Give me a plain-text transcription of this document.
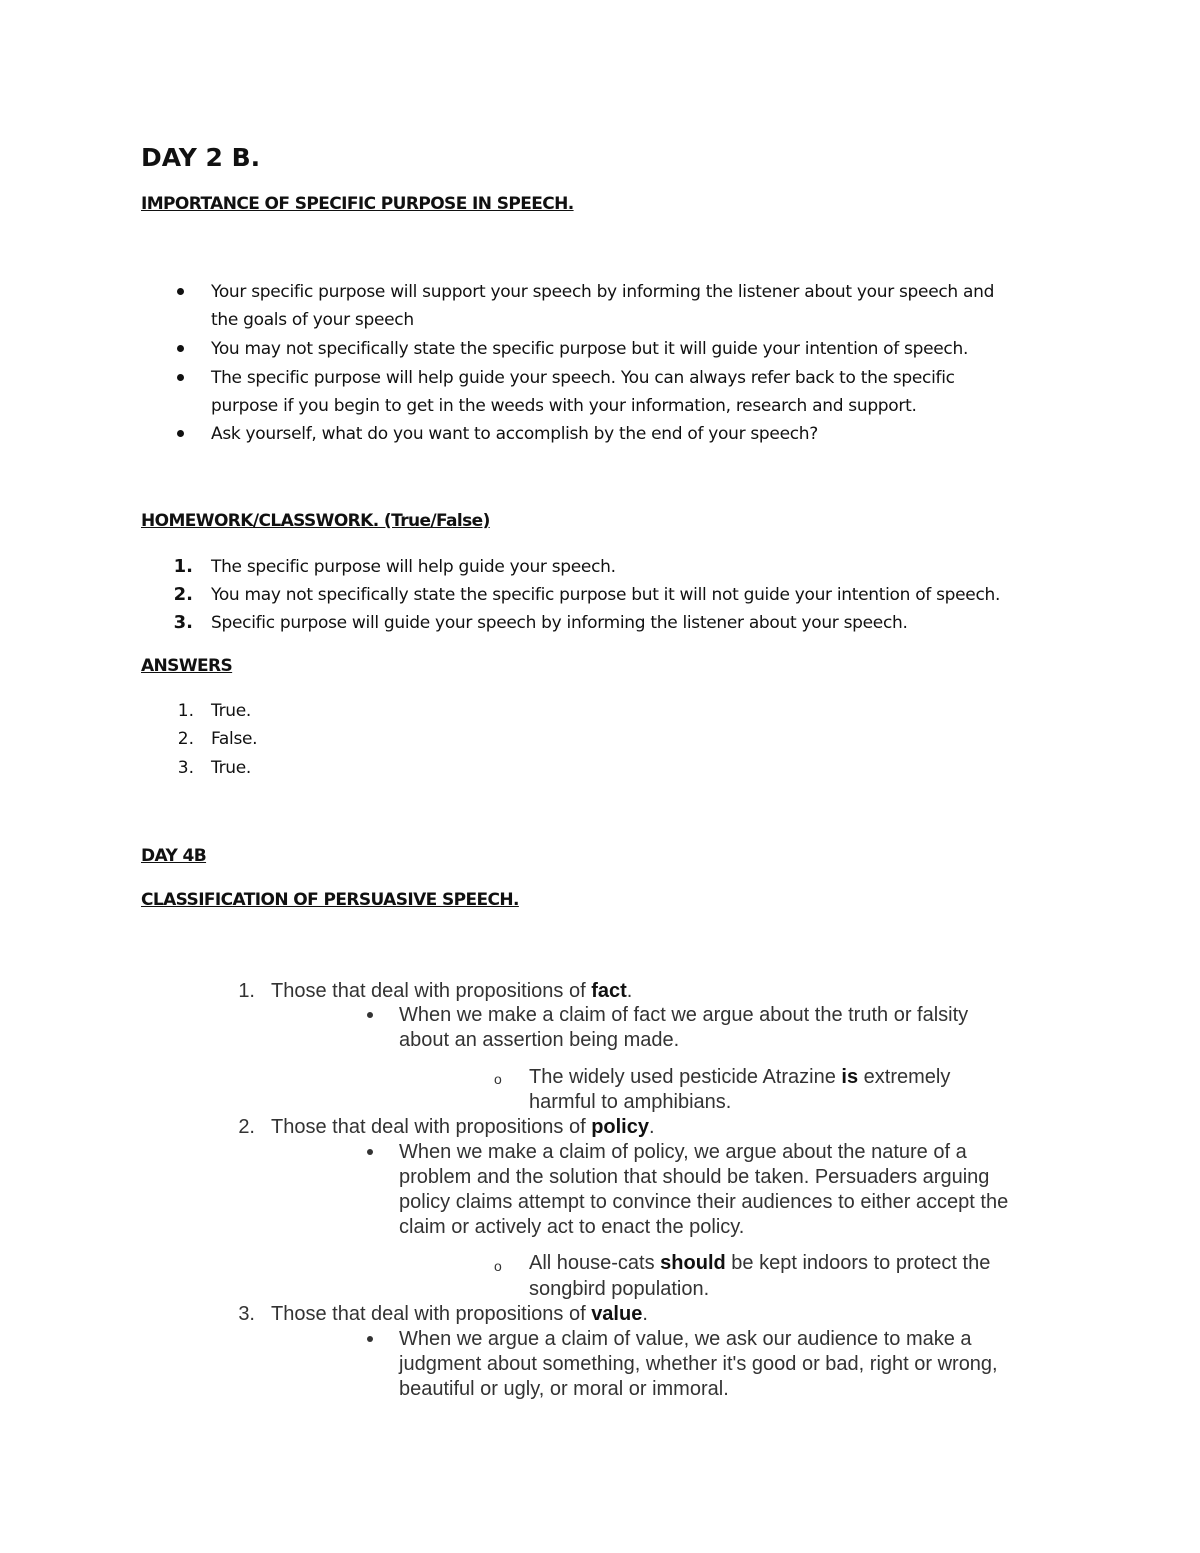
DAY 2 B.
IMPORTANCE OF SPECIFIC PURPOSE IN SPEECH.
Your specific purpose will support your speech by informing the listener about your speech and
the goals of your speech
You may not specifically state the specific purpose but it will guide your intention of speech.
The specific purpose will help guide your speech. You can always refer back to the specific
purpose if you begin to get in the weeds with your information, research and support.
Ask yourself, what do you want to accomplish by the end of your speech?
HOMEWORK/CLASSWORK. (True/False)
1. The specific purpose will help guide your speech.
2. You may not specifically state the specific purpose but it will not guide your intention of speech.
3. Specific purpose will guide your speech by informing the listener about your speech.
ANSWERS
1. True.
2. False.
3. True.
DAY 4B
CLASSIFICATION OF PERSUASIVE SPEECH.
1. Those that deal with propositions of fact.
When we make a claim of fact we argue about the truth or falsity
about an assertion being made.
o The widely used pesticide Atrazine is extremely
harmful to amphibians.
2. Those that deal with propositions of policy.
When we make a claim of policy, we argue about the nature of a
problem and the solution that should be taken. Persuaders arguing
policy claims attempt to convince their audiences to either accept the
claim or actively act to enact the policy.
o All house-cats should be kept indoors to protect the
songbird population.
3. Those that deal with propositions of value.
When we argue a claim of value, we ask our audience to make a
judgment about something, whether it's good or bad, right or wrong,
beautiful or ugly, or moral or immoral.
